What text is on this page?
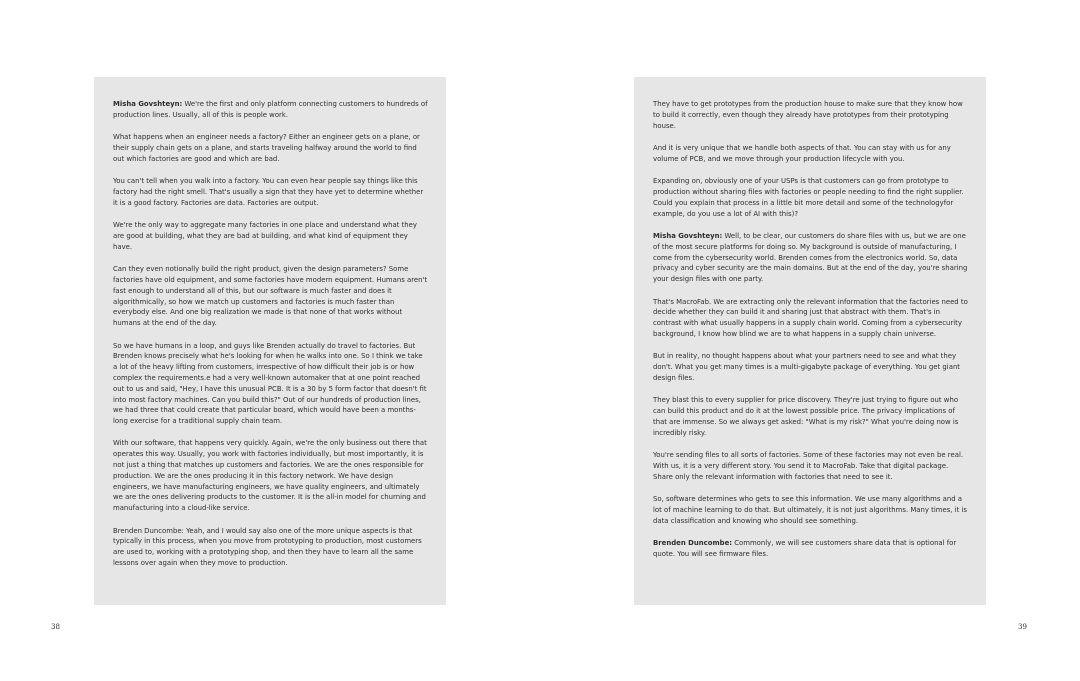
Misha Govshteyn: We're the first and only platform connecting customers to hundreds of production lines. Usually, all of this is people work.

What happens when an engineer needs a factory? Either an engineer gets on a plane, or their supply chain gets on a plane, and starts traveling halfway around the world to find out which factories are good and which are bad.

You can't tell when you walk into a factory. You can even hear people say things like this factory had the right smell. That's usually a sign that they have yet to determine whether it is a good factory. Factories are data. Factories are output.

We're the only way to aggregate many factories in one place and understand what they are good at building, what they are bad at building, and what kind of equipment they have.

Can they even notionally build the right product, given the design parameters? Some factories have old equipment, and some factories have modern equipment. Humans aren't fast enough to understand all of this, but our software is much faster and does it algorithmically, so how we match up customers and factories is much faster than everybody else. And one big realization we made is that none of that works without humans at the end of the day.

So we have humans in a loop, and guys like Brenden actually do travel to factories. But Brenden knows precisely what he's looking for when he walks into one. So I think we take a lot of the heavy lifting from customers, irrespective of how difficult their job is or how complex the requirements.e had a very well-known automaker that at one point reached out to us and said, "Hey, I have this unusual PCB. It is a 30 by 5 form factor that doesn't fit into most factory machines. Can you build this?" Out of our hundreds of production lines, we had three that could create that particular board, which would have been a months-long exercise for a traditional supply chain team.

With our software, that happens very quickly. Again, we're the only business out there that operates this way. Usually, you work with factories individually, but most importantly, it is not just a thing that matches up customers and factories. We are the ones responsible for production. We are the ones producing it in this factory network. We have design engineers, we have manufacturing engineers, we have quality engineers, and ultimately we are the ones delivering products to the customer. It is the all-in model for churning and manufacturing into a cloud-like service.

Brenden Duncombe: Yeah, and I would say also one of the more unique aspects is that typically in this process, when you move from prototyping to production, most customers are used to, working with a prototyping shop, and then they have to learn all the same lessons over again when they move to production.

38

They have to get prototypes from the production house to make sure that they know how to build it correctly, even though they already have prototypes from their prototyping house.

And it is very unique that we handle both aspects of that. You can stay with us for any volume of PCB, and we move through your production lifecycle with you.

Expanding on, obviously one of your USPs is that customers can go from prototype to production without sharing files with factories or people needing to find the right supplier. Could you explain that process in a little bit more detail and some of the technologyfor example, do you use a lot of AI with this)?

Misha Govshteyn: Well, to be clear, our customers do share files with us, but we are one of the most secure platforms for doing so. My background is outside of manufacturing, I come from the cybersecurity world. Brenden comes from the electronics world. So, data privacy and cyber security are the main domains. But at the end of the day, you're sharing your design files with one party.

That's MacroFab. We are extracting only the relevant information that the factories need to decide whether they can build it and sharing just that abstract with them. That's in contrast with what usually happens in a supply chain world. Coming from a cybersecurity background, I know how blind we are to what happens in a supply chain universe.

But in reality, no thought happens about what your partners need to see and what they don't. What you get many times is a multi-gigabyte package of everything. You get giant design files.

They blast this to every supplier for price discovery. They're just trying to figure out who can build this product and do it at the lowest possible price. The privacy implications of that are immense. So we always get asked: "What is my risk?" What you're doing now is incredibly risky.

You're sending files to all sorts of factories. Some of these factories may not even be real. With us, it is a very different story. You send it to MacroFab. Take that digital package. Share only the relevant information with factories that need to see it.

So, software determines who gets to see this information. We use many algorithms and a lot of machine learning to do that. But ultimately, it is not just algorithms. Many times, it is data classification and knowing who should see something.

Brenden Duncombe: Commonly, we will see customers share data that is optional for quote. You will see firmware files.

39
